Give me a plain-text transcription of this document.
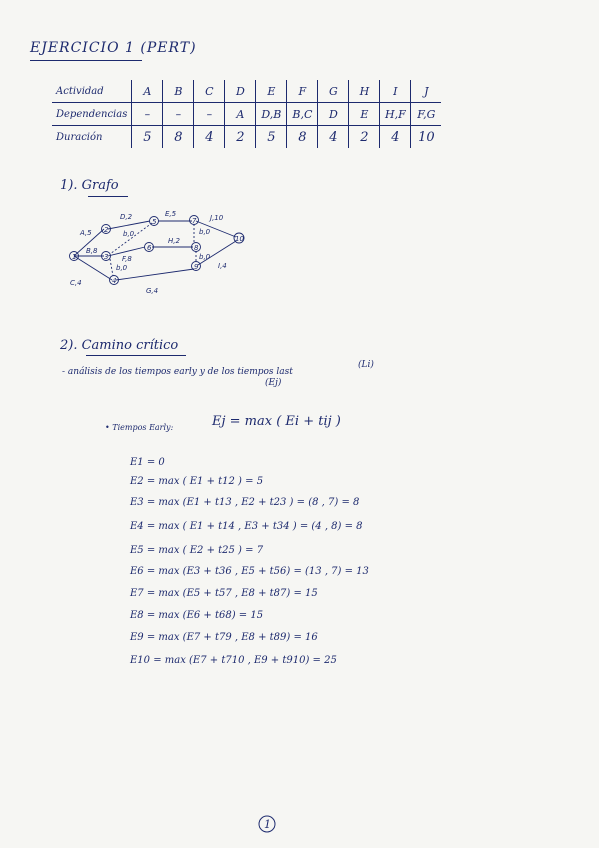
EJERCICIO 1 (PERT)
Actividad	A	B	C	D	E	F	G	H	I	J
Dependencias	–	–	–	A	D,B	B,C	D	E	H,F	F,G
Duración	5	8	4	2	5	8	4	2	4	10
1). Grafo
1
2
3
4
5
6
7
8
9
10
A,5
D,2	E,5
H,2
I,4
J,10
B,8
C,4
F,8
G,4
b,0
b,0
b,0
b,0
2). Camino crítico
- análisis de los tiempos early y de los tiempos last
(Li)
(Ej)
• Tiempos Early:	Ej = max ( Ei + tij )
E1 = 0
E2 = max ( E1 + t12 ) = 5
E3 = max (E1 + t13 , E2 + t23 ) = (8 , 7) = 8
E4 = max ( E1 + t14 , E3 + t34 ) = (4 , 8) = 8
E5 = max ( E2 + t25 ) = 7
E6 = max (E3 + t36 , E5 + t56) = (13 , 7) = 13
E7 = max (E5 + t57 , E8 + t87) = 15
E8 = max (E6 + t68) = 15
E9 = max (E7 + t79 , E8 + t89) = 16
E10 = max (E7 + t710 , E9 + t910) = 25
1
